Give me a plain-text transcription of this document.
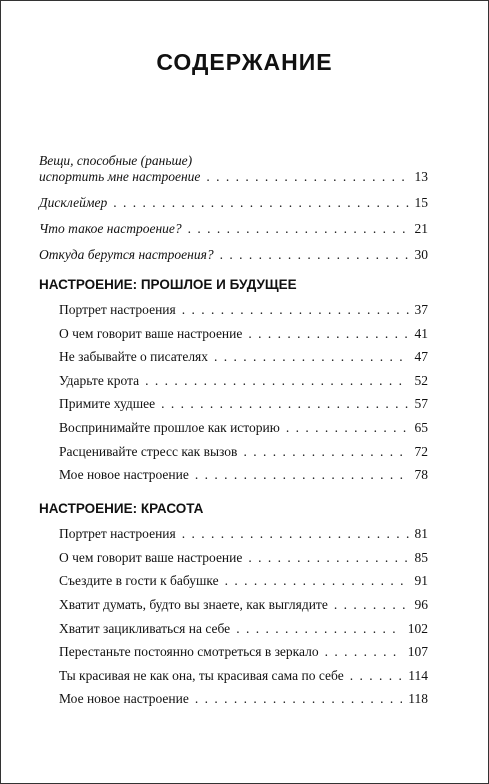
СОДЕРЖАНИЕ
Вещи, способные (раньше)
испортить мне настроение . . .	13
Дисклеймер . . .	15
Что такое настроение? . . .	21
Откуда берутся настроения? . . .	30
НАСТРОЕНИЕ: ПРОШЛОЕ И БУДУЩЕЕ
Портрет настроения . . .	37
О чем говорит ваше настроение . . .	41
Не забывайте о писателях . . .	47
Ударьте крота . . .	52
Примите худшее . . .	57
Воспринимайте прошлое как историю . . .	65
Расценивайте стресс как вызов . . .	72
Мое новое настроение . . .	78
НАСТРОЕНИЕ: КРАСОТА
Портрет настроения . . .	81
О чем говорит ваше настроение . . .	85
Съездите в гости к бабушке . . .	91
Хватит думать, будто вы знаете, как выглядите . . .	96
Хватит зацикливаться на себе . . .	102
Перестаньте постоянно смотреться в зеркало . . .	107
Ты красивая не как она, ты красивая сама по себе . . .	114
Мое новое настроение . . .	118
